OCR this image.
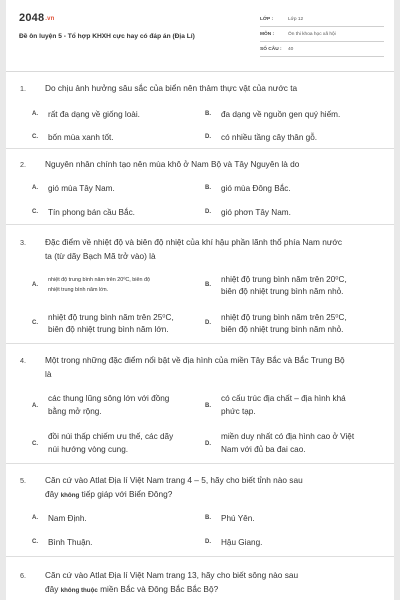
2048.vn
Đề ôn luyện 5 - Tổ hợp KHXH cực hay có đáp án (Địa Lí)
LỚP :	Lớp 12
MÔN :	Ôn thi khoa học xã hội
SỐ CÂU :	40
1. Do chịu ảnh hưởng sâu sắc của biển nên thảm thực vật của nước ta
A. rất đa dạng về giống loài.	B. đa dạng về nguồn gen quý hiếm.
C. bốn mùa xanh tốt.	D. có nhiều tầng cây thân gỗ.
2. Nguyên nhân chính tạo nên mùa khô ở Nam Bộ và Tây Nguyên là do
A. gió mùa Tây Nam.	B. gió mùa Đông Bắc.
C. Tín phong bán cầu Bắc.	D. gió phơn Tây Nam.
3. Đặc điểm về nhiệt độ và biên độ nhiệt của khí hậu phần lãnh thổ phía Nam nước
ta (từ dãy Bạch Mã trở vào) là
A.
nhiệt độ trung bình năm trên 20⁰C, biên độ
nhiệt trung bình năm lớn.
B.
nhiệt độ trung bình năm trên 20⁰C,
biên độ nhiệt trung bình năm nhỏ.
C.
nhiệt độ trung bình năm trên 25⁰C,
biên độ nhiệt trung bình năm lớn.
D.
nhiệt độ trung bình năm trên 25⁰C,
biên độ nhiệt trung bình năm nhỏ.
4. Một trong những đặc điểm nổi bật về địa hình của miền Tây Bắc và Bắc Trung Bộ
là
A.
các thung lũng sông lớn với đồng
bằng mở rộng.
B.
có cấu trúc địa chất – địa hình khá
phức tạp.
C.
đồi núi thấp chiếm ưu thế, các dãy
núi hướng vòng cung.
D.
miền duy nhất có địa hình cao ở Việt
Nam với đủ ba đai cao.
5. Căn cứ vào Atlat Địa lí Việt Nam trang 4 – 5, hãy cho biết tỉnh nào sau
đây không tiếp giáp với Biển Đông?
A. Nam Định.	B. Phú Yên.
C. Bình Thuận.	D. Hậu Giang.
6. Căn cứ vào Atlat Địa lí Việt Nam trang 13, hãy cho biết sông nào sau
đây không thuộc miền Bắc và Đông Bắc Bắc Bộ?
